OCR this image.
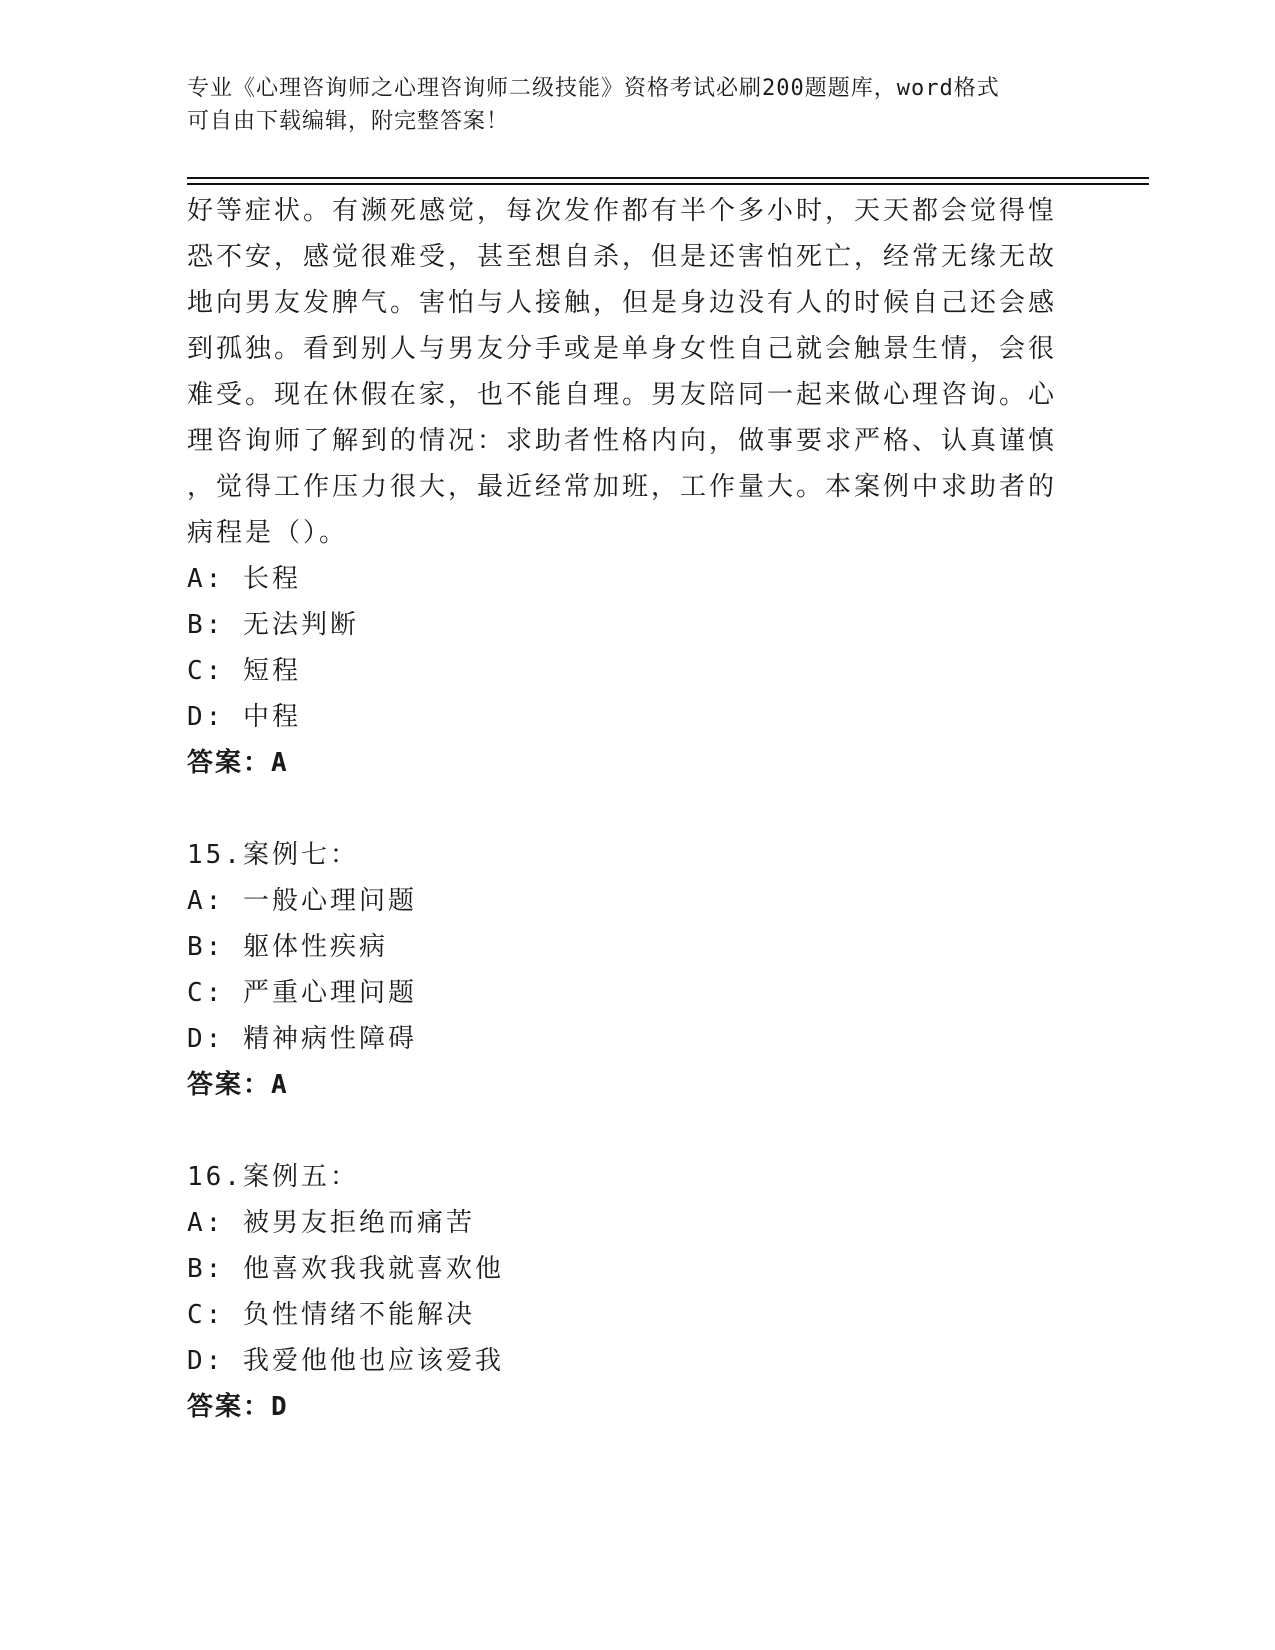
专业《心理咨询师之心理咨询师二级技能》资格考试必刷200题题库，word格式
可自由下载编辑，附完整答案！
好等症状。有濒死感觉，每次发作都有半个多小时，天天都会觉得惶
恐不安，感觉很难受，甚至想自杀，但是还害怕死亡，经常无缘无故
地向男友发脾气。害怕与人接触，但是身边没有人的时候自己还会感
到孤独。看到别人与男友分手或是单身女性自己就会触景生情，会很
难受。现在休假在家，也不能自理。男友陪同一起来做心理咨询。心
理咨询师了解到的情况：求助者性格内向，做事要求严格、认真谨慎
，觉得工作压力很大，最近经常加班，工作量大。本案例中求助者的
病程是（）。
A: 长程
B: 无法判断
C: 短程
D: 中程
答案：A
15.案例七：
A: 一般心理问题
B: 躯体性疾病
C: 严重心理问题
D: 精神病性障碍
答案：A
16.案例五：
A: 被男友拒绝而痛苦
B: 他喜欢我我就喜欢他
C: 负性情绪不能解决
D: 我爱他他也应该爱我
答案：D
